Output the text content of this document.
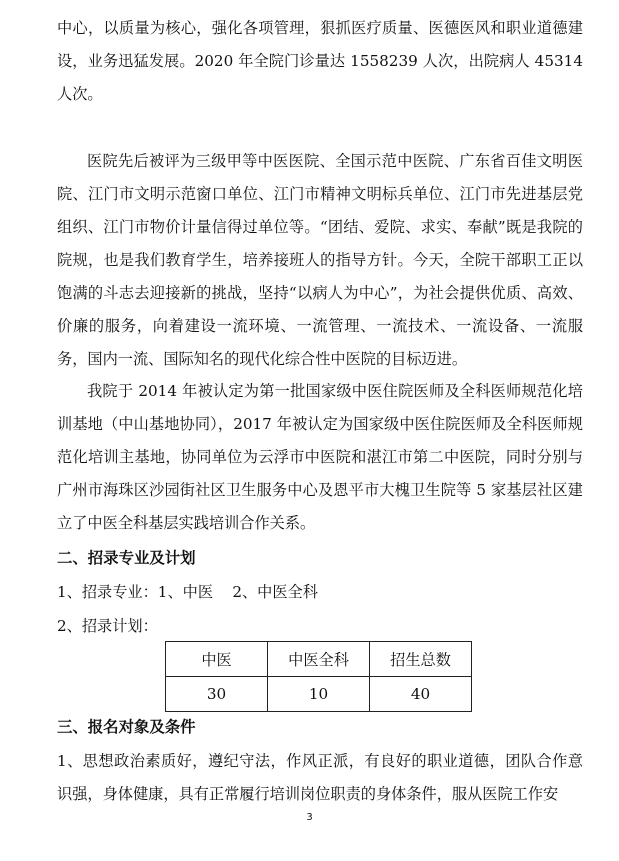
中心，以质量为核心，强化各项管理，狠抓医疗质量、医德医风和职业道德建设，业务迅猛发展。2020 年全院门诊量达 1558239 人次，出院病人 45314 人次。

医院先后被评为三级甲等中医医院、全国示范中医院、广东省百佳文明医院、江门市文明示范窗口单位、江门市精神文明标兵单位、江门市先进基层党组织、江门市物价计量信得过单位等。“团结、爱院、求实、奉献”既是我院的院规，也是我们教育学生，培养接班人的指导方针。今天，全院干部职工正以饱满的斗志去迎接新的挑战，坚持“以病人为中心”，为社会提供优质、高效、价廉的服务，向着建设一流环境、一流管理、一流技术、一流设备、一流服务，国内一流、国际知名的现代化综合性中医院的目标迈进。

我院于 2014 年被认定为第一批国家级中医住院医师及全科医师规范化培训基地（中山基地协同），2017 年被认定为国家级中医住院医师及全科医师规范化培训主基地，协同单位为云浮市中医院和湛江市第二中医院，同时分别与广州市海珠区沙园街社区卫生服务中心及恩平市大槐卫生院等 5 家基层社区建立了中医全科基层实践培训合作关系。

二、招录专业及计划
1、招录专业：1、中医    2、中医全科
2、招录计划：
中医	中医全科	招生总数
30	10	40
三、报名对象及条件

1、思想政治素质好，遵纪守法，作风正派，有良好的职业道德，团队合作意识强，身体健康，具有正常履行培训岗位职责的身体条件，服从医院工作安

3
